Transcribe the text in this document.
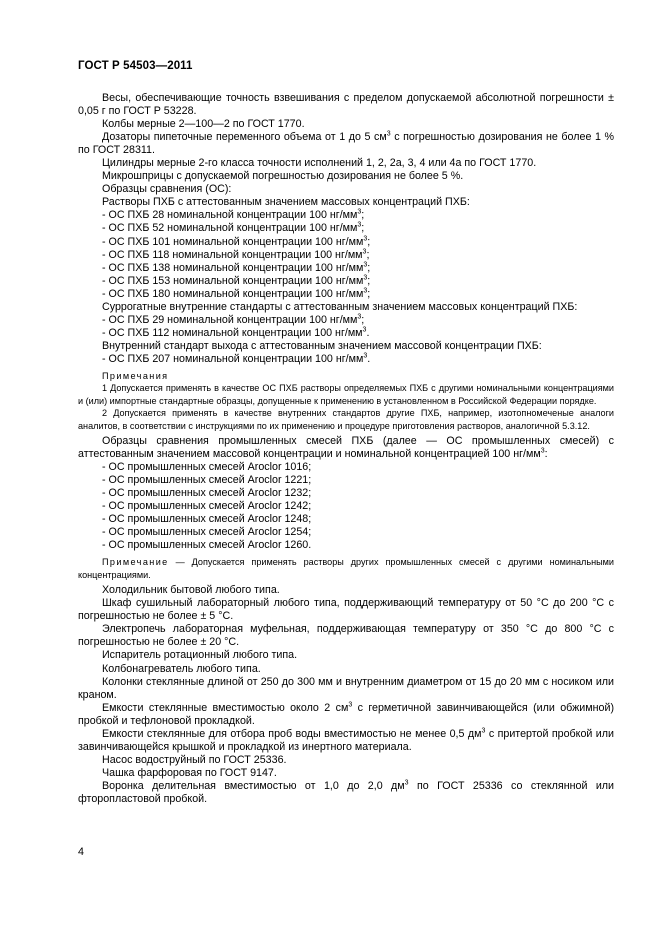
ГОСТ Р 54503—2011

Весы, обеспечивающие точность взвешивания с пределом допускаемой абсолютной погрешности ± 0,05 г по ГОСТ Р 53228.

Колбы мерные 2—100—2 по ГОСТ 1770.

Дозаторы пипеточные переменного объема от 1 до 5 $см^3$ с погрешностью дозирования не более 1 % по ГОСТ 28311.

Цилиндры мерные 2-го класса точности исполнений 1, 2, 2а, 3, 4 или 4а по ГОСТ 1770.

Микрошприцы с допускаемой погрешностью дозирования не более 5 %.

Образцы сравнения (ОС):

Растворы ПХБ с аттестованным значением массовых концентраций ПХБ:

- ОС ПХБ 28 номинальной концентрации 100 $нг/мм^3$;

- ОС ПХБ 52 номинальной концентрации 100 $нг/мм^3$;

- ОС ПХБ 101 номинальной концентрации 100 $нг/мм^3$;

- ОС ПХБ 118 номинальной концентрации 100 $нг/мм^3$;

- ОС ПХБ 138 номинальной концентрации 100 $нг/мм^3$;

- ОС ПХБ 153 номинальной концентрации 100 $нг/мм^3$;

- ОС ПХБ 180 номинальной концентрации 100 $нг/мм^3$;

Суррогатные внутренние стандарты с аттестованным значением массовых концентраций ПХБ:

- ОС ПХБ 29 номинальной концентрации 100 $нг/мм^3$;

- ОС ПХБ 112 номинальной концентрации 100 $нг/мм^3$.

Внутренний стандарт выхода с аттестованным значением массовой концентрации ПХБ:

- ОС ПХБ 207 номинальной концентрации 100 $нг/мм^3$.

Примечания

1 Допускается применять в качестве ОС ПХБ растворы определяемых ПХБ с другими номинальными концентрациями и (или) импортные стандартные образцы, допущенные к применению в установленном в Российской Федерации порядке.

2 Допускается применять в качестве внутренних стандартов другие ПХБ, например, изотопномеченые аналоги аналитов, в соответствии с инструкциями по их применению и процедуре приготовления растворов, аналогичной 5.3.12.

Образцы сравнения промышленных смесей ПХБ (далее — ОС промышленных смесей) с аттестованным значением массовой концентрации и номинальной концентрацией 100 $нг/мм^3$:

- ОС промышленных смесей Aroclor 1016;

- ОС промышленных смесей Aroclor 1221;

- ОС промышленных смесей Aroclor 1232;

- ОС промышленных смесей Aroclor 1242;

- ОС промышленных смесей Aroclor 1248;

- ОС промышленных смесей Aroclor 1254;

- ОС промышленных смесей Aroclor 1260.

Примечание — Допускается применять растворы других промышленных смесей с другими номинальными концентрациями.

Холодильник бытовой любого типа.

Шкаф сушильный лабораторный любого типа, поддерживающий температуру от 50 °С до 200 °С с погрешностью не более ± 5 °С.

Электропечь лабораторная муфельная, поддерживающая температуру от 350 °С до 800 °С с погрешностью не более ± 20 °С.

Испаритель ротационный любого типа.

Колбонагреватель любого типа.

Колонки стеклянные длиной от 250 до 300 мм и внутренним диаметром от 15 до 20 мм с носиком или краном.

Емкости стеклянные вместимостью около 2 $см^3$ с герметичной завинчивающейся (или обжимной) пробкой и тефлоновой прокладкой.

Емкости стеклянные для отбора проб воды вместимостью не менее 0,5 $дм^3$ с притертой пробкой или завинчивающейся крышкой и прокладкой из инертного материала.

Насос водоструйный по ГОСТ 25336.

Чашка фарфоровая по ГОСТ 9147.

Воронка делительная вместимостью от 1,0 до 2,0 $дм^3$ по ГОСТ 25336 со стеклянной или фторопластовой пробкой.

4
